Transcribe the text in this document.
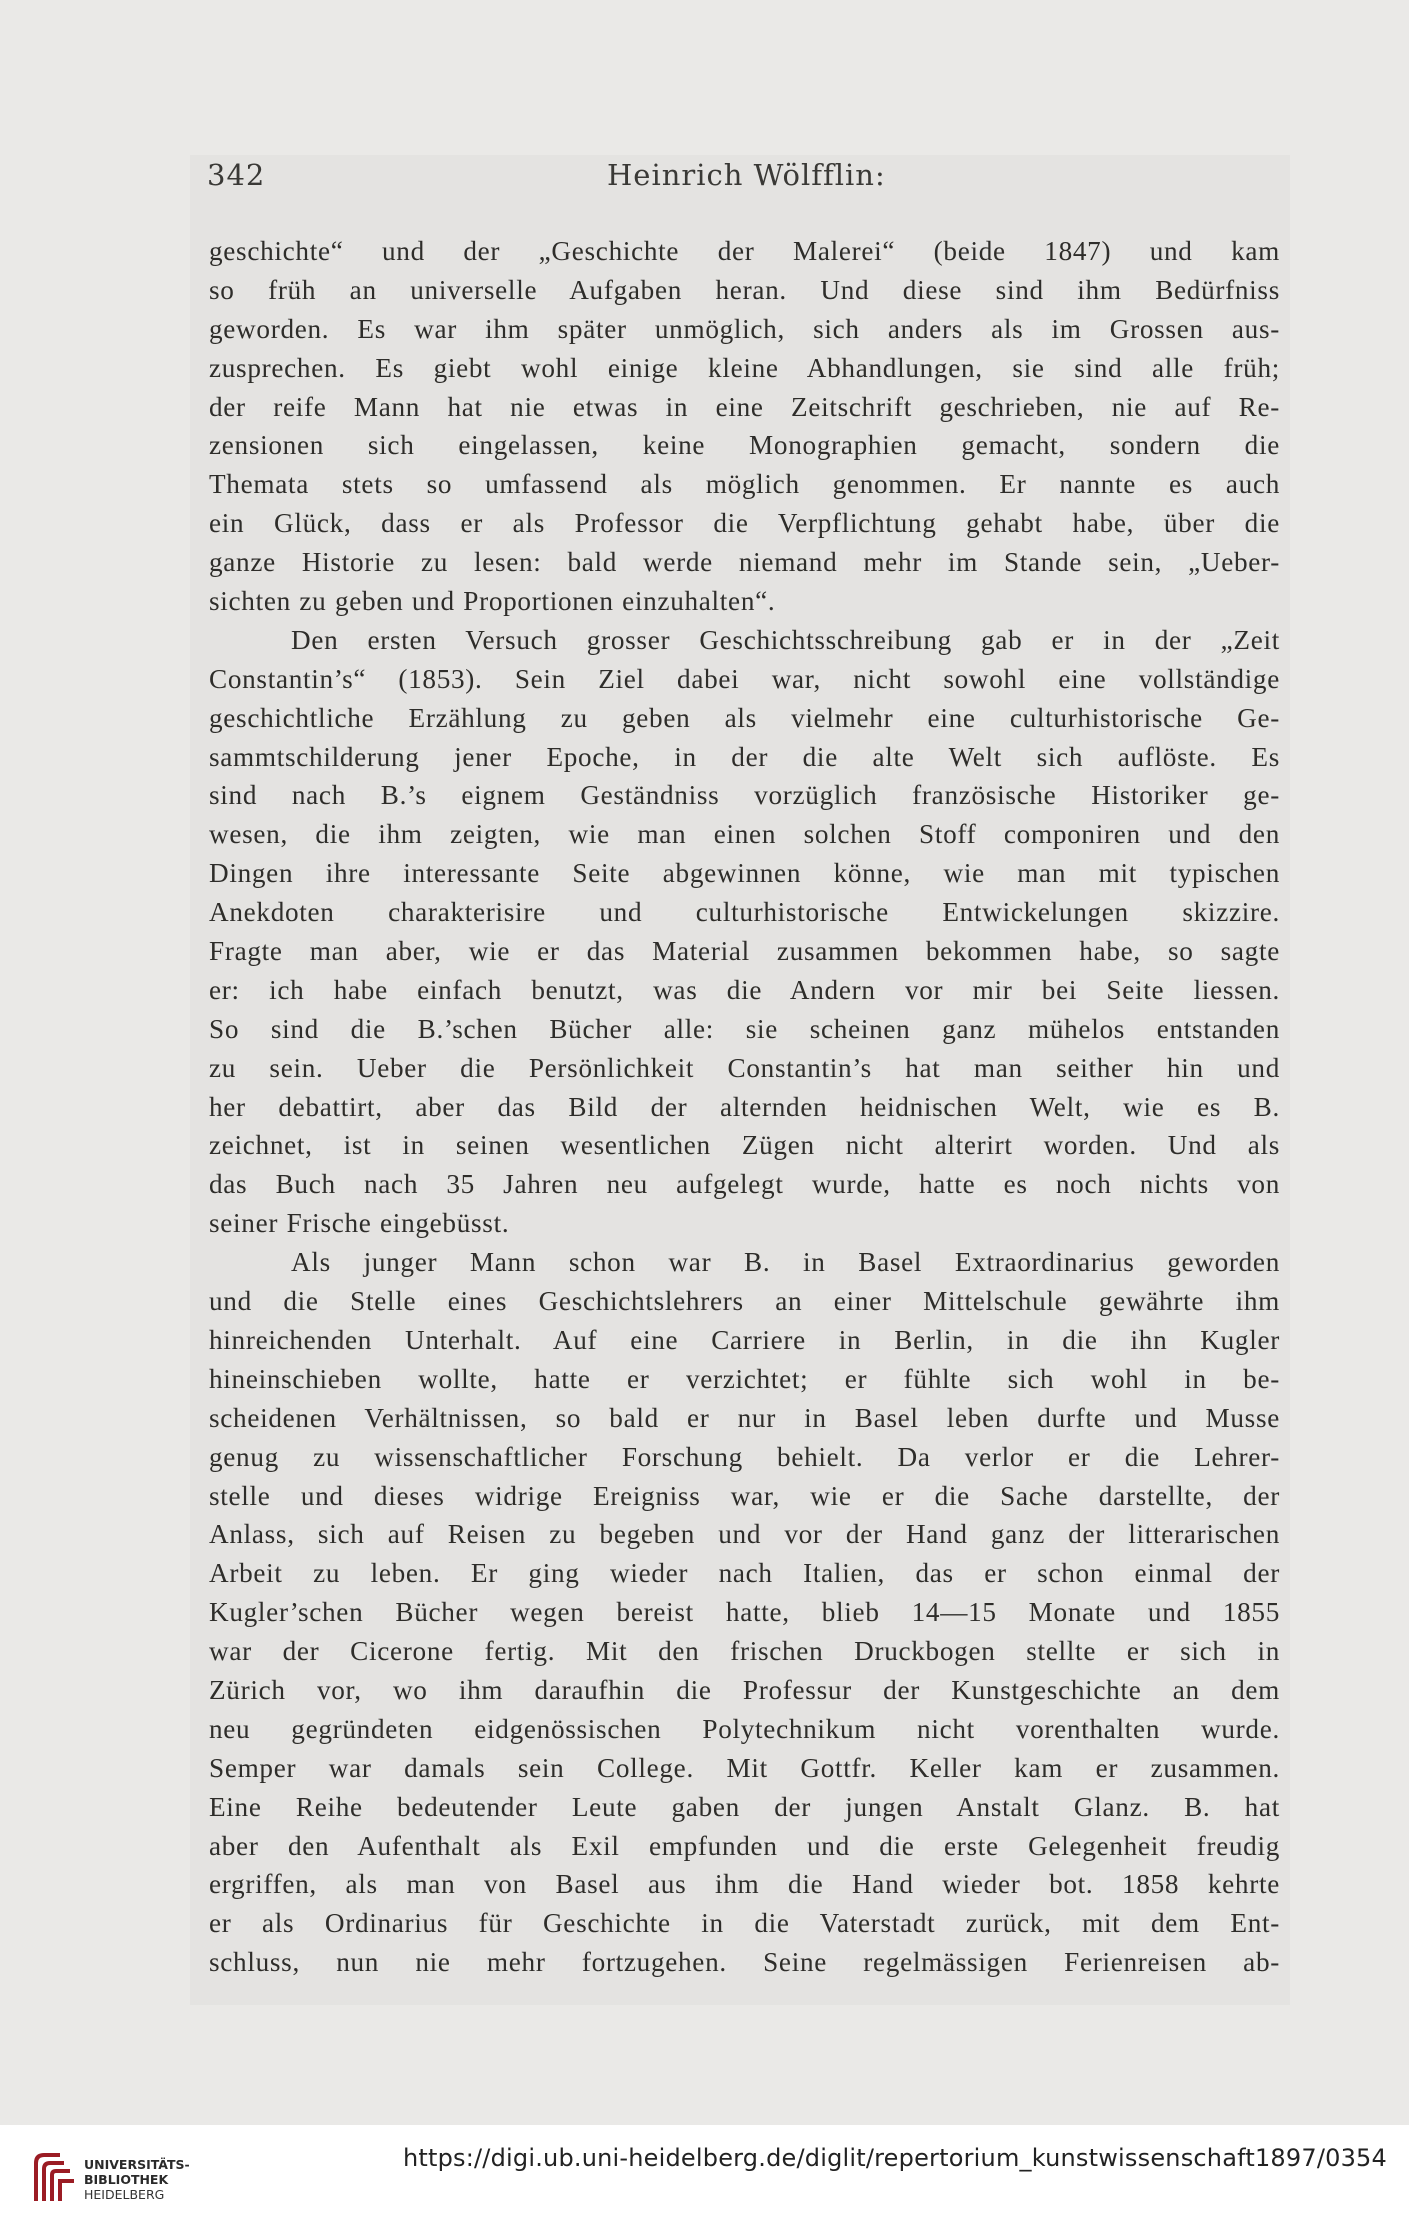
342	Heinrich Wölfflin:
geschichte“ und der „Geschichte der Malerei“ (beide 1847) und kam
so früh an universelle Aufgaben heran. Und diese sind ihm Bedürfniss
geworden. Es war ihm später unmöglich, sich anders als im Grossen aus-
zusprechen. Es giebt wohl einige kleine Abhandlungen, sie sind alle früh;
der reife Mann hat nie etwas in eine Zeitschrift geschrieben, nie auf Re-
zensionen sich eingelassen, keine Monographien gemacht, sondern die
Themata stets so umfassend als möglich genommen. Er nannte es auch
ein Glück, dass er als Professor die Verpflichtung gehabt habe, über die
ganze Historie zu lesen: bald werde niemand mehr im Stande sein, „Ueber-
sichten zu geben und Proportionen einzuhalten“.
Den ersten Versuch grosser Geschichtsschreibung gab er in der „Zeit
Constantin’s“ (1853). Sein Ziel dabei war, nicht sowohl eine vollständige
geschichtliche Erzählung zu geben als vielmehr eine culturhistorische Ge-
sammtschilderung jener Epoche, in der die alte Welt sich auflöste. Es
sind nach B.’s eignem Geständniss vorzüglich französische Historiker ge-
wesen, die ihm zeigten, wie man einen solchen Stoff componiren und den
Dingen ihre interessante Seite abgewinnen könne, wie man mit typischen
Anekdoten charakterisire und culturhistorische Entwickelungen skizzire.
Fragte man aber, wie er das Material zusammen bekommen habe, so sagte
er: ich habe einfach benutzt, was die Andern vor mir bei Seite liessen.
So sind die B.’schen Bücher alle: sie scheinen ganz mühelos entstanden
zu sein. Ueber die Persönlichkeit Constantin’s hat man seither hin und
her debattirt, aber das Bild der alternden heidnischen Welt, wie es B.
zeichnet, ist in seinen wesentlichen Zügen nicht alterirt worden. Und als
das Buch nach 35 Jahren neu aufgelegt wurde, hatte es noch nichts von
seiner Frische eingebüsst.
Als junger Mann schon war B. in Basel Extraordinarius geworden
und die Stelle eines Geschichtslehrers an einer Mittelschule gewährte ihm
hinreichenden Unterhalt. Auf eine Carriere in Berlin, in die ihn Kugler
hineinschieben wollte, hatte er verzichtet; er fühlte sich wohl in be-
scheidenen Verhältnissen, so bald er nur in Basel leben durfte und Musse
genug zu wissenschaftlicher Forschung behielt. Da verlor er die Lehrer-
stelle und dieses widrige Ereigniss war, wie er die Sache darstellte, der
Anlass, sich auf Reisen zu begeben und vor der Hand ganz der litterarischen
Arbeit zu leben. Er ging wieder nach Italien, das er schon einmal der
Kugler’schen Bücher wegen bereist hatte, blieb 14—15 Monate und 1855
war der Cicerone fertig. Mit den frischen Druckbogen stellte er sich in
Zürich vor, wo ihm daraufhin die Professur der Kunstgeschichte an dem
neu gegründeten eidgenössischen Polytechnikum nicht vorenthalten wurde.
Semper war damals sein College. Mit Gottfr. Keller kam er zusammen.
Eine Reihe bedeutender Leute gaben der jungen Anstalt Glanz. B. hat
aber den Aufenthalt als Exil empfunden und die erste Gelegenheit freudig
ergriffen, als man von Basel aus ihm die Hand wieder bot. 1858 kehrte
er als Ordinarius für Geschichte in die Vaterstadt zurück, mit dem Ent-
schluss, nun nie mehr fortzugehen. Seine regelmässigen Ferienreisen ab-
UNIVERSITÄTS-
BIBLIOTHEK
HEIDELBERG
https://digi.ub.uni-heidelberg.de/diglit/repertorium_kunstwissenschaft1897/0354
